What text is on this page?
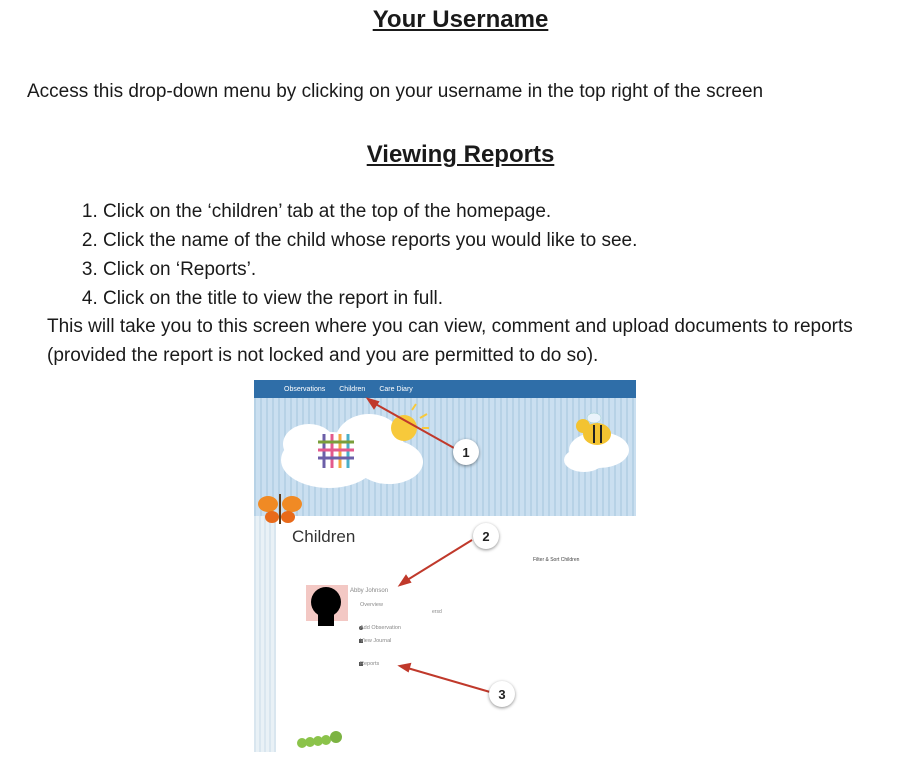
Your Username

Access this drop-down menu by clicking on your username in the top right of the screen

Viewing Reports
1. Click on the ‘children’ tab at the top of the homepage.
2. Click the name of the child whose reports you would like to see.
3. Click on ‘Reports’.
4. Click on the title to view the report in full.

This will take you to this screen where you can view, comment and upload documents to reports (provided the report is not locked and you are permitted to do so).

Observations Children Care Diary
Children
Filter & Sort Children
Abby Johnson
Overview
ersd
Add Observation
View Journal
Reports
1
2
3
